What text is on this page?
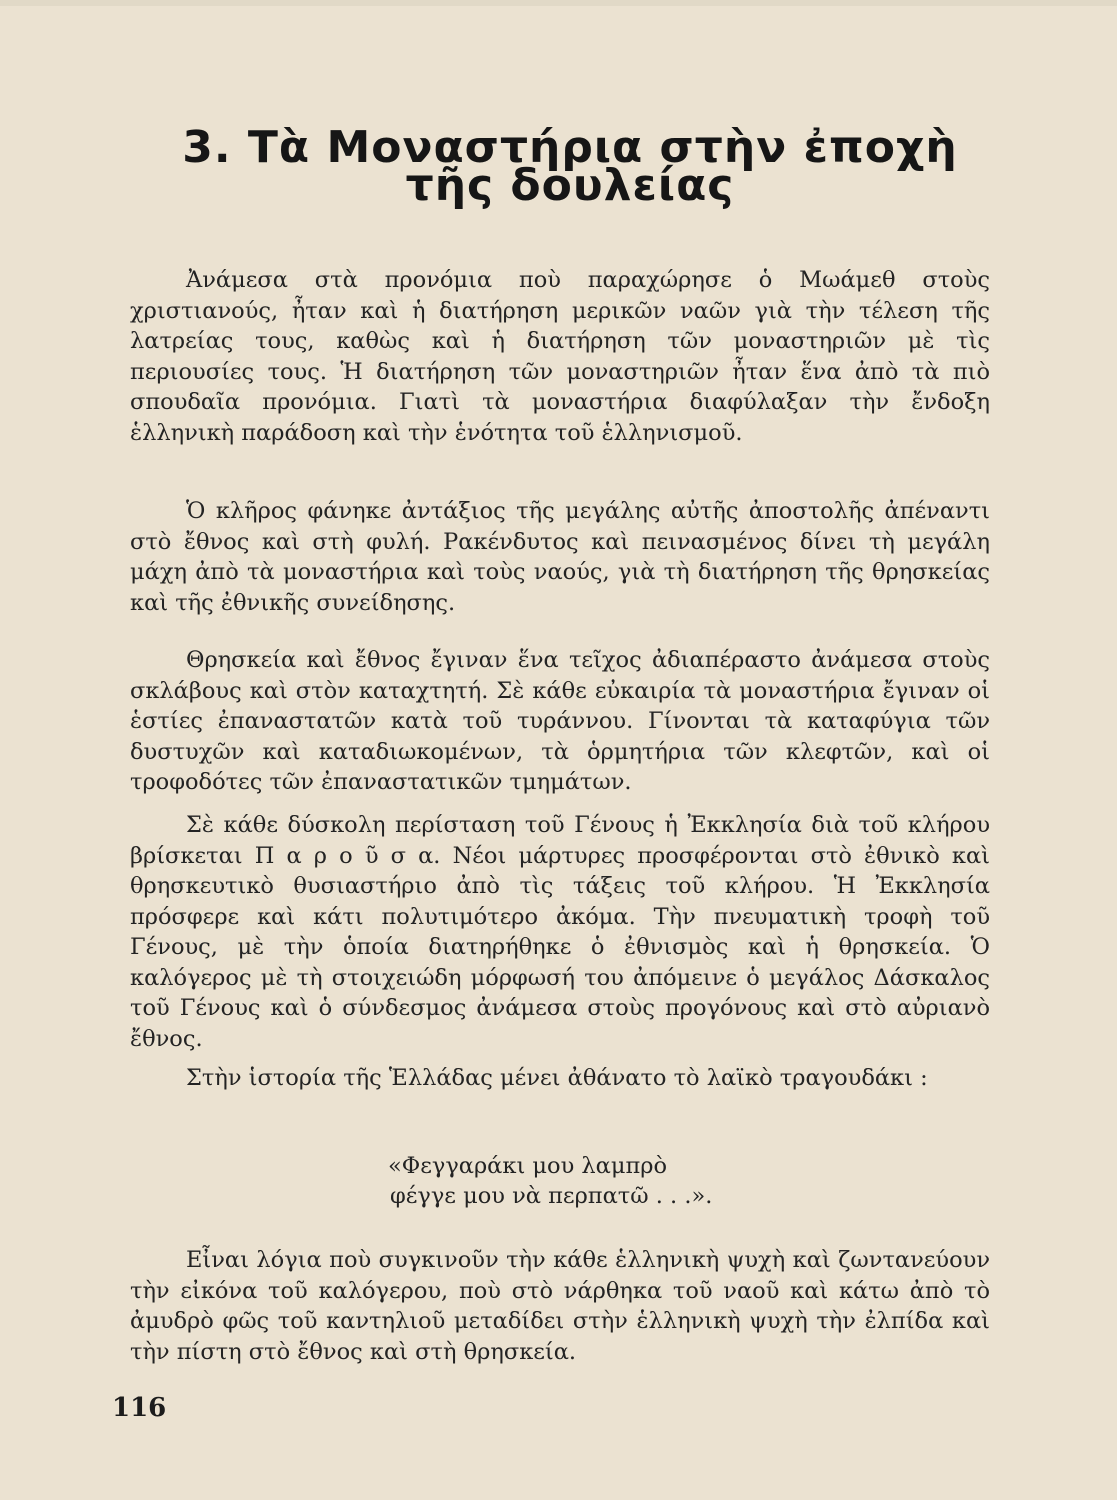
3. Τὰ Μοναστήρια στὴν ἐποχὴ
τῆς δουλείας
Ἀνάμεσα στὰ προνόμια ποὺ παραχώρησε ὁ Μωάμεθ στοὺς χριστιανούς, ἦταν καὶ ἡ διατήρηση μερικῶν ναῶν γιὰ τὴν τέλεση τῆς λατρείας τους, καθὼς καὶ ἡ διατήρηση τῶν μοναστηριῶν μὲ τὶς περιουσίες τους. Ἡ διατήρηση τῶν μοναστηριῶν ἦταν ἕνα ἀπὸ τὰ πιὸ σπουδαῖα προνόμια. Γιατὶ τὰ μοναστήρια διαφύλαξαν τὴν ἔνδοξη ἑλληνικὴ παράδοση καὶ τὴν ἑνότητα τοῦ ἑλληνισμοῦ.
Ὁ κλῆρος φάνηκε ἀντάξιος τῆς μεγάλης αὐτῆς ἀποστολῆς ἀπέναντι στὸ ἔθνος καὶ στὴ φυλή. Ρακένδυτος καὶ πεινασμένος δίνει τὴ μεγάλη μάχη ἀπὸ τὰ μοναστήρια καὶ τοὺς ναούς, γιὰ τὴ διατήρηση τῆς θρησκείας καὶ τῆς ἐθνικῆς συνείδησης.
Θρησκεία καὶ ἔθνος ἔγιναν ἕνα τεῖχος ἀδιαπέραστο ἀνάμεσα στοὺς σκλάβους καὶ στὸν καταχτητή. Σὲ κάθε εὐκαιρία τὰ μοναστήρια ἔγιναν οἱ ἑστίες ἐπαναστατῶν κατὰ τοῦ τυράννου. Γίνονται τὰ καταφύγια τῶν δυστυχῶν καὶ καταδιωκομένων, τὰ ὁρμητήρια τῶν κλεφτῶν, καὶ οἱ τροφοδότες τῶν ἐπαναστατικῶν τμημάτων.
Σὲ κάθε δύσκολη περίσταση τοῦ Γένους ἡ Ἐκκλησία διὰ τοῦ κλήρου βρίσκεται Π α ρ ο ῦ σ α. Νέοι μάρτυρες προσφέρονται στὸ ἐθνικὸ καὶ θρησκευτικὸ θυσιαστήριο ἀπὸ τὶς τάξεις τοῦ κλήρου. Ἡ Ἐκκλησία πρόσφερε καὶ κάτι πολυτιμότερο ἀκόμα. Τὴν πνευματικὴ τροφὴ τοῦ Γένους, μὲ τὴν ὁποία διατηρήθηκε ὁ ἐθνισμὸς καὶ ἡ θρησκεία. Ὁ καλόγερος μὲ τὴ στοιχειώδη μόρφωσή του ἀπόμεινε ὁ μεγάλος Δάσκαλος τοῦ Γένους καὶ ὁ σύνδεσμος ἀνάμεσα στοὺς προγόνους καὶ στὸ αὐριανὸ ἔθνος.
Στὴν ἱστορία τῆς Ἑλλάδας μένει ἀθάνατο τὸ λαϊκὸ τραγουδάκι :
«Φεγγαράκι μου λαμπρὸ
φέγγε μου νὰ περπατῶ . . .».
Εἶναι λόγια ποὺ συγκινοῦν τὴν κάθε ἑλληνικὴ ψυχὴ καὶ ζωντανεύουν τὴν εἰκόνα τοῦ καλόγερου, ποὺ στὸ νάρθηκα τοῦ ναοῦ καὶ κάτω ἀπὸ τὸ ἀμυδρὸ φῶς τοῦ καντηλιοῦ μεταδίδει στὴν ἑλληνικὴ ψυχὴ τὴν ἐλπίδα καὶ τὴν πίστη στὸ ἔθνος καὶ στὴ θρησκεία.
116
